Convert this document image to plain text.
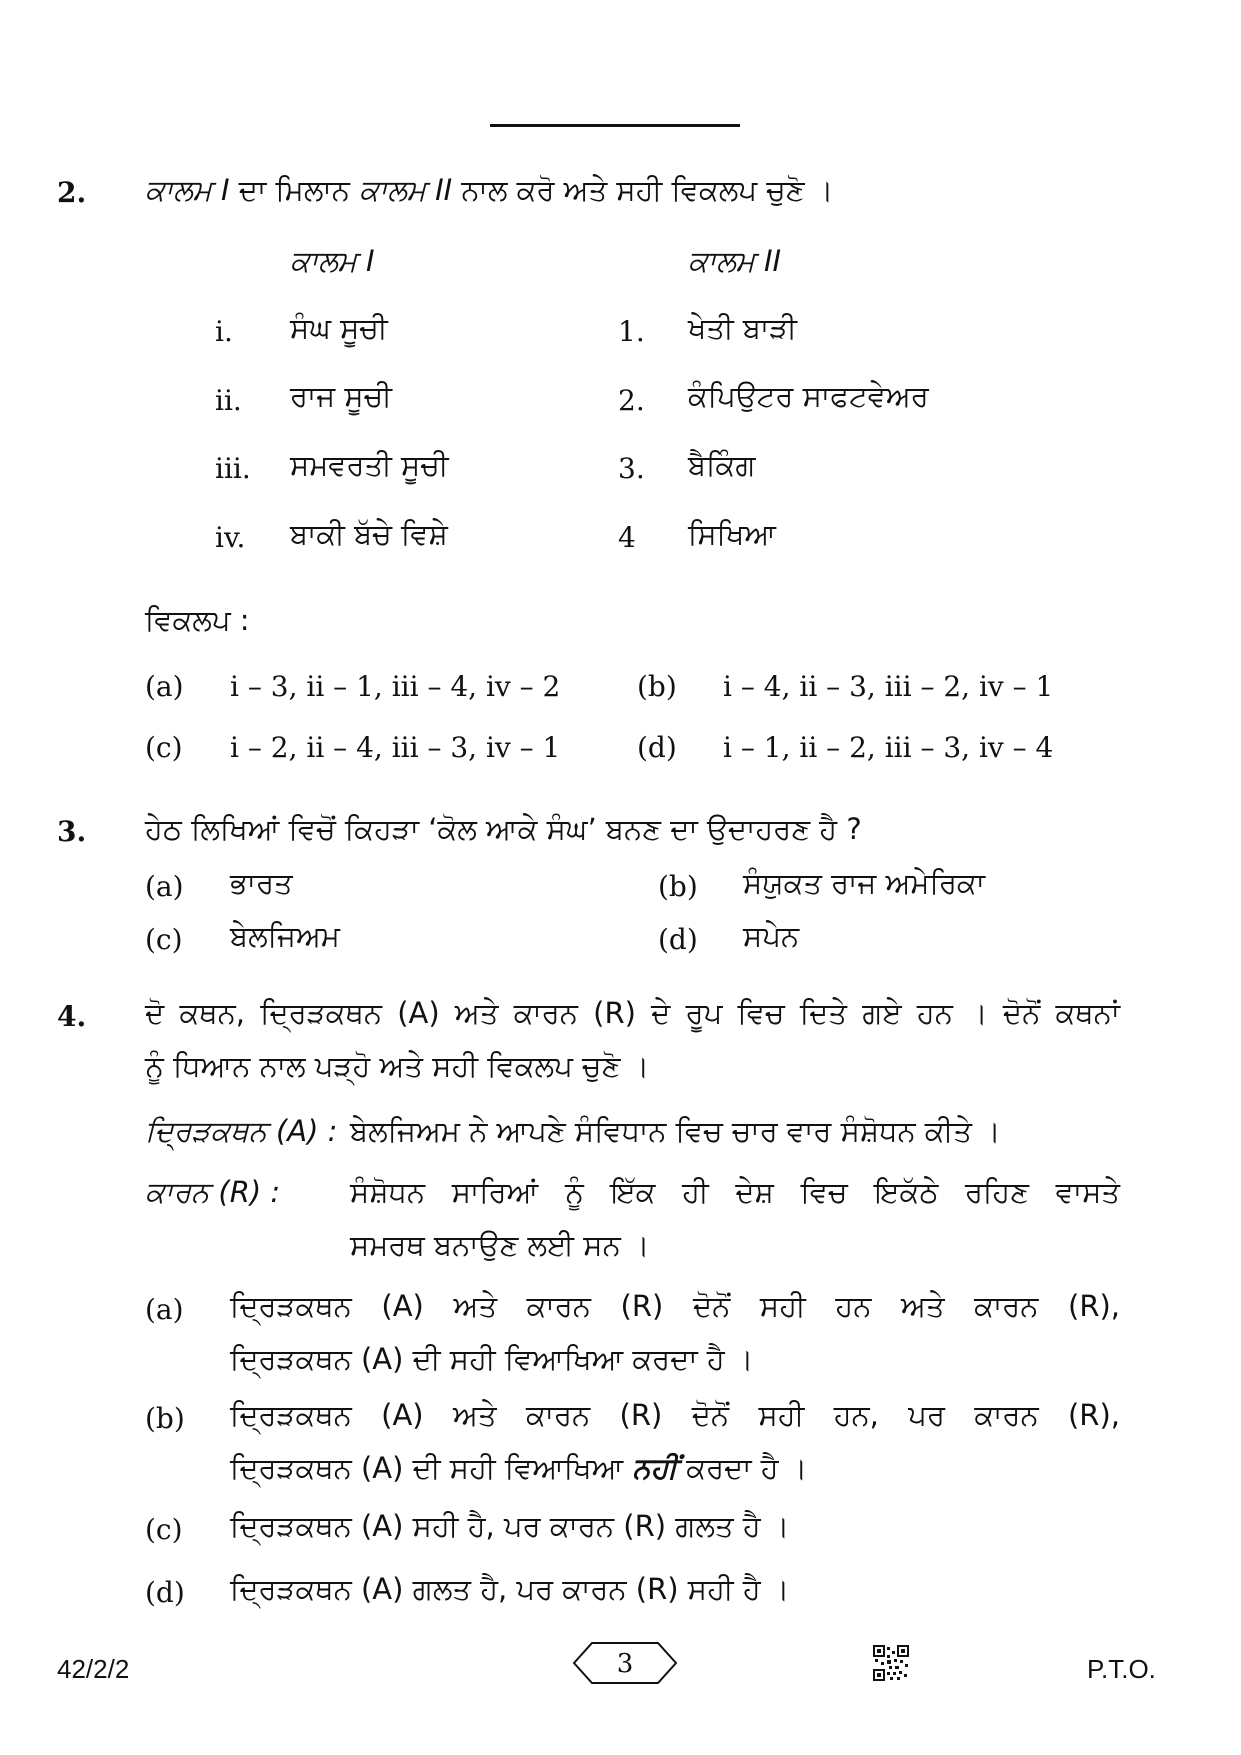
2. ਕਾਲਮ I ਦਾ ਮਿਲਾਨ ਕਾਲਮ II ਨਾਲ ਕਰੋ ਅਤੇ ਸਹੀ ਵਿਕਲਪ ਚੁਣੋ ।
ਕਾਲਮ I	ਕਾਲਮ II
i. ਸੰਘ ਸੂਚੀ	1. ਖੇਤੀ ਬਾੜੀ
ii. ਰਾਜ ਸੂਚੀ	2. ਕੰਪਿਉਟਰ ਸਾਫਟਵੇਅਰ
iii. ਸਮਵਰਤੀ ਸੂਚੀ	3. ਬੈਕਿੰਗ
iv. ਬਾਕੀ ਬੱਚੇ ਵਿਸ਼ੇ	4 ਸਿਖਿਆ
ਵਿਕਲਪ :
(a) i – 3, ii – 1, iii – 4, iv – 2	(b) i – 4, ii – 3, iii – 2, iv – 1
(c) i – 2, ii – 4, iii – 3, iv – 1	(d) i – 1, ii – 2, iii – 3, iv – 4
3. ਹੇਠ ਲਿਖਿਆਂ ਵਿਚੋਂ ਕਿਹੜਾ ‘ਕੋਲ ਆਕੇ ਸੰਘ’ ਬਨਣ ਦਾ ਉਦਾਹਰਣ ਹੈ ?
(a) ਭਾਰਤ	(b) ਸੰਯੁਕਤ ਰਾਜ ਅਮੇਰਿਕਾ
(c) ਬੇਲਜਿਅਮ	(d) ਸਪੇਨ
4. ਦੋ ਕਥਨ, ਦ੍ਰਿੜਕਥਨ (A) ਅਤੇ ਕਾਰਨ (R) ਦੇ ਰੂਪ ਵਿਚ ਦਿਤੇ ਗਏ ਹਨ । ਦੋਨੋਂ ਕਥਨਾਂ
ਨੂੰ ਧਿਆਨ ਨਾਲ ਪੜ੍ਹੋ ਅਤੇ ਸਹੀ ਵਿਕਲਪ ਚੁਣੋ ।
ਦ੍ਰਿੜਕਥਨ (A) : ਬੇਲਜਿਅਮ ਨੇ ਆਪਣੇ ਸੰਵਿਧਾਨ ਵਿਚ ਚਾਰ ਵਾਰ ਸੰਸ਼ੋਧਨ ਕੀਤੇ ।
ਕਾਰਨ (R) : ਸੰਸ਼ੋਧਨ ਸਾਰਿਆਂ ਨੂੰ ਇੱਕ ਹੀ ਦੇਸ਼ ਵਿਚ ਇਕੱਠੇ ਰਹਿਣ ਵਾਸਤੇ
ਸਮਰਥ ਬਨਾਉਣ ਲਈ ਸਨ ।
(a) ਦ੍ਰਿੜਕਥਨ (A) ਅਤੇ ਕਾਰਨ (R) ਦੋਨੋਂ ਸਹੀ ਹਨ ਅਤੇ ਕਾਰਨ (R),
ਦ੍ਰਿੜਕਥਨ (A) ਦੀ ਸਹੀ ਵਿਆਖਿਆ ਕਰਦਾ ਹੈ ।
(b) ਦ੍ਰਿੜਕਥਨ (A) ਅਤੇ ਕਾਰਨ (R) ਦੋਨੋਂ ਸਹੀ ਹਨ, ਪਰ ਕਾਰਨ (R),
ਦ੍ਰਿੜਕਥਨ (A) ਦੀ ਸਹੀ ਵਿਆਖਿਆ ਨਹੀਂ ਕਰਦਾ ਹੈ ।
(c) ਦ੍ਰਿੜਕਥਨ (A) ਸਹੀ ਹੈ, ਪਰ ਕਾਰਨ (R) ਗਲਤ ਹੈ ।
(d) ਦ੍ਰਿੜਕਥਨ (A) ਗਲਤ ਹੈ, ਪਰ ਕਾਰਨ (R) ਸਹੀ ਹੈ ।
42/2/2	3	P.T.O.
